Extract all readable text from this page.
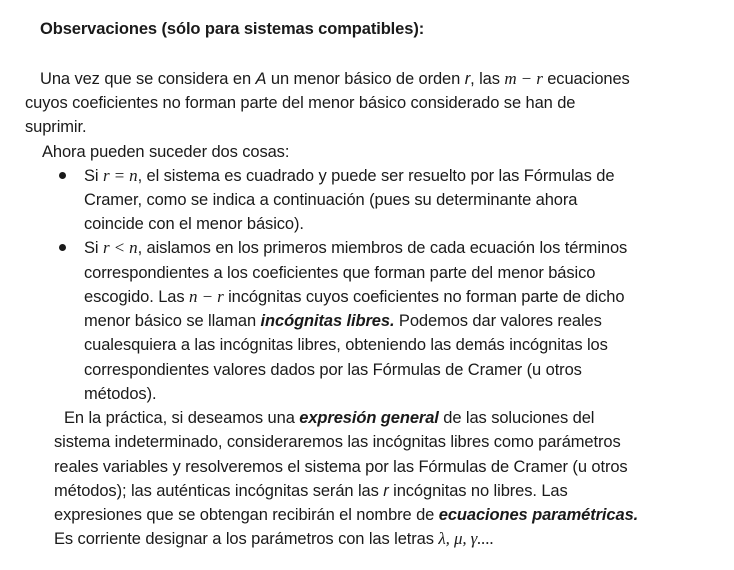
Observaciones (sólo para sistemas compatibles):
Una vez que se considera en A un menor básico de orden r, las m − r ecuaciones
cuyos coeficientes no forman parte del menor básico considerado se han de
suprimir.
Ahora pueden suceder dos cosas:
Si r = n, el sistema es cuadrado y puede ser resuelto por las Fórmulas de
Cramer, como se indica a continuación (pues su determinante ahora
coincide con el menor básico).
Si r < n, aislamos en los primeros miembros de cada ecuación los términos
correspondientes a los coeficientes que forman parte del menor básico
escogido. Las n − r incógnitas cuyos coeficientes no forman parte de dicho
menor básico se llaman incógnitas libres. Podemos dar valores reales
cualesquiera a las incógnitas libres, obteniendo las demás incógnitas los
correspondientes valores dados por las Fórmulas de Cramer (u otros
métodos).
En la práctica, si deseamos una expresión general de las soluciones del
sistema indeterminado, consideraremos las incógnitas libres como parámetros
reales variables y resolveremos el sistema por las Fórmulas de Cramer (u otros
métodos); las auténticas incógnitas serán las r incógnitas no libres. Las
expresiones que se obtengan recibirán el nombre de ecuaciones paramétricas.
Es corriente designar a los parámetros con las letras λ, μ, γ....
